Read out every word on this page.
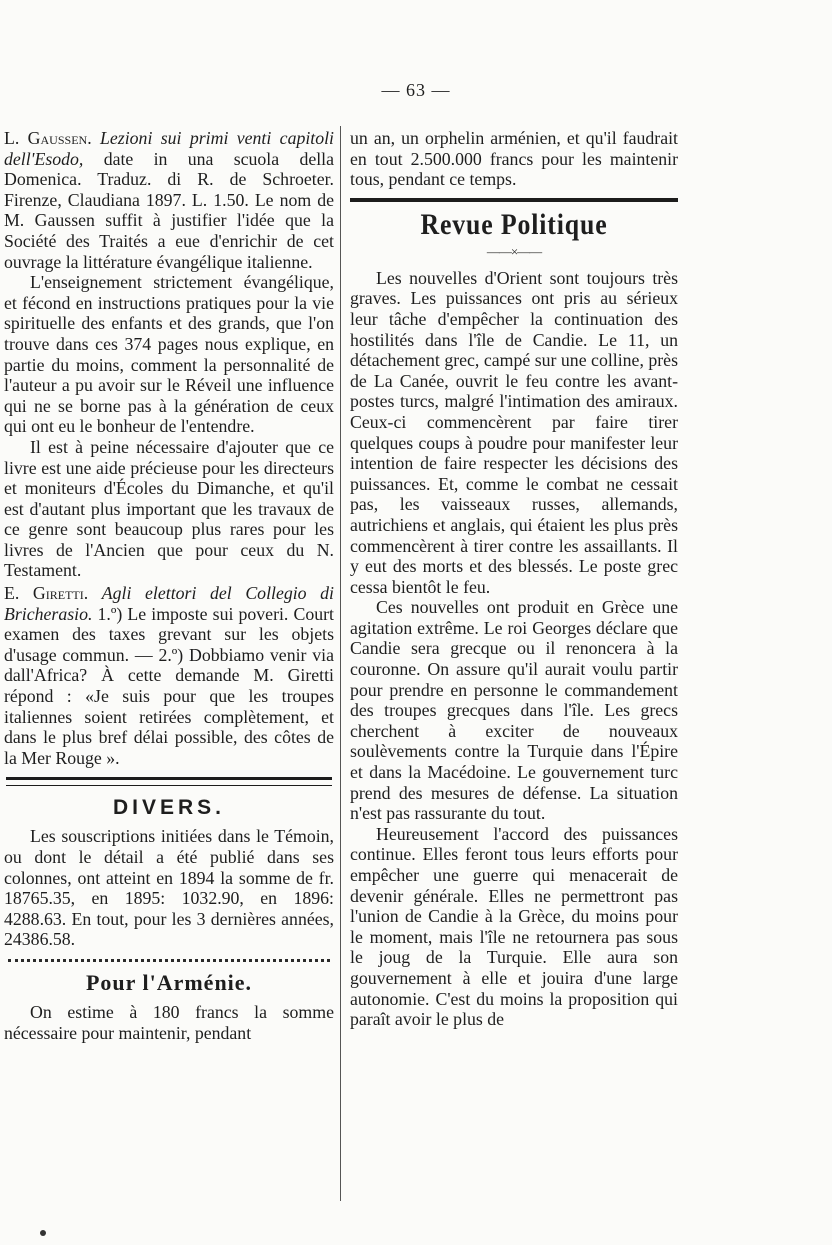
— 63 —

L. Gaussen. Lezioni sui primi venti capitoli dell'Esodo, date in una scuola della Domenica. Traduz. di R. de Schroeter. Firenze, Claudiana 1897. L. 1.50. Le nom de M. Gaussen suffit à justifier l'idée que la Société des Traités a eue d'enrichir de cet ouvrage la littérature évangélique italienne.

L'enseignement strictement évangélique, et fécond en instructions pratiques pour la vie spirituelle des enfants et des grands, que l'on trouve dans ces 374 pages nous explique, en partie du moins, comment la personnalité de l'auteur a pu avoir sur le Réveil une influence qui ne se borne pas à la génération de ceux qui ont eu le bonheur de l'entendre.

Il est à peine nécessaire d'ajouter que ce livre est une aide précieuse pour les directeurs et moniteurs d'Écoles du Dimanche, et qu'il est d'autant plus important que les travaux de ce genre sont beaucoup plus rares pour les livres de l'Ancien que pour ceux du N. Testament.

E. Giretti. Agli elettori del Collegio di Bricherasio. 1.º) Le imposte sui poveri. Court examen des taxes grevant sur les objets d'usage commun. — 2.º) Dobbiamo venir via dall'Africa? À cette demande M. Giretti répond : «Je suis pour que les troupes italiennes soient retirées complètement, et dans le plus bref délai possible, des côtes de la Mer Rouge ».

DIVERS.

Les souscriptions initiées dans le Témoin, ou dont le détail a été publié dans ses colonnes, ont atteint en 1894 la somme de fr. 18765.35, en 1895: 1032.90, en 1896: 4288.63. En tout, pour les 3 dernières années, 24386.58.

Pour l'Arménie.

On estime à 180 francs la somme nécessaire pour maintenir, pendant

un an, un orphelin arménien, et qu'il faudrait en tout 2.500.000 francs pour les maintenir tous, pendant ce temps.

Revue Politique
——×——

Les nouvelles d'Orient sont toujours très graves. Les puissances ont pris au sérieux leur tâche d'empêcher la continuation des hostilités dans l'île de Candie. Le 11, un détachement grec, campé sur une colline, près de La Canée, ouvrit le feu contre les avant-postes turcs, malgré l'intimation des amiraux. Ceux-ci commencèrent par faire tirer quelques coups à poudre pour manifester leur intention de faire respecter les décisions des puissances. Et, comme le combat ne cessait pas, les vaisseaux russes, allemands, autrichiens et anglais, qui étaient les plus près commencèrent à tirer contre les assaillants. Il y eut des morts et des blessés. Le poste grec cessa bientôt le feu.

Ces nouvelles ont produit en Grèce une agitation extrême. Le roi Georges déclare que Candie sera grecque ou il renoncera à la couronne. On assure qu'il aurait voulu partir pour prendre en personne le commandement des troupes grecques dans l'île. Les grecs cherchent à exciter de nouveaux soulèvements contre la Turquie dans l'Épire et dans la Macédoine. Le gouvernement turc prend des mesures de défense. La situation n'est pas rassurante du tout.

Heureusement l'accord des puissances continue. Elles feront tous leurs efforts pour empêcher une guerre qui menacerait de devenir générale. Elles ne permettront pas l'union de Candie à la Grèce, du moins pour le moment, mais l'île ne retournera pas sous le joug de la Turquie. Elle aura son gouvernement à elle et jouira d'une large autonomie. C'est du moins la proposition qui paraît avoir le plus de
